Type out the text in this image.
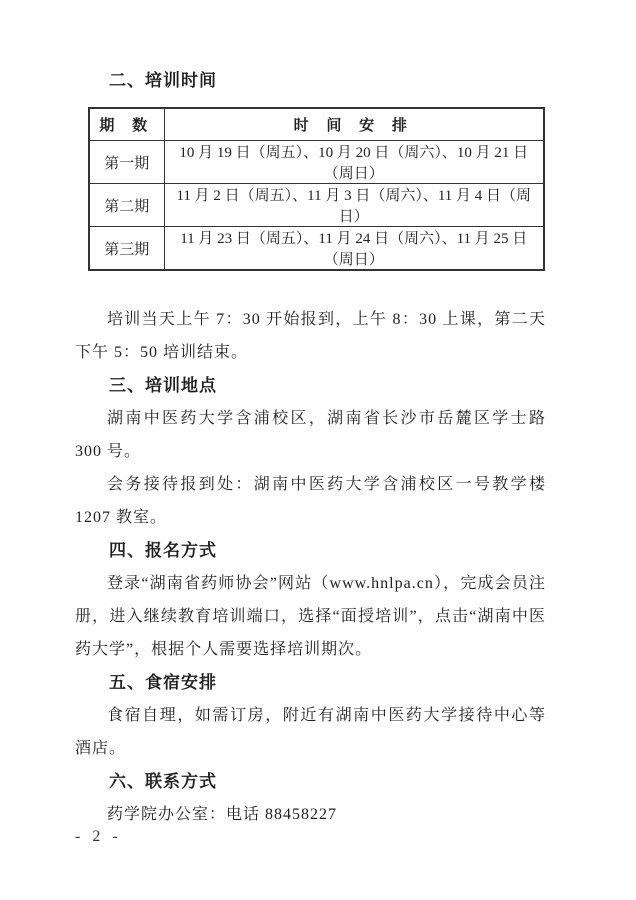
二、培训时间
期 数	时 间 安 排
第一期	10 月 19 日（周五）、10 月 20 日（周六）、10 月 21 日（周日）
第二期	11 月 2 日（周五）、11 月 3 日（周六）、11 月 4 日（周日）
第三期	11 月 23 日（周五）、11 月 24 日（周六）、11 月 25 日（周日）

培训当天上午 7：30 开始报到，上午 8：30 上课，第二天下午 5：50 培训结束。

三、培训地点

湖南中医药大学含浦校区，湖南省长沙市岳麓区学士路 300 号。

会务接待报到处：湖南中医药大学含浦校区一号教学楼 1207 教室。

四、报名方式

登录“湖南省药师协会”网站（www.hnlpa.cn），完成会员注册，进入继续教育培训端口，选择“面授培训”，点击“湖南中医药大学”，根据个人需要选择培训期次。

五、食宿安排

食宿自理，如需订房，附近有湖南中医药大学接待中心等酒店。

六、联系方式

药学院办公室：电话 88458227

- 2 -
